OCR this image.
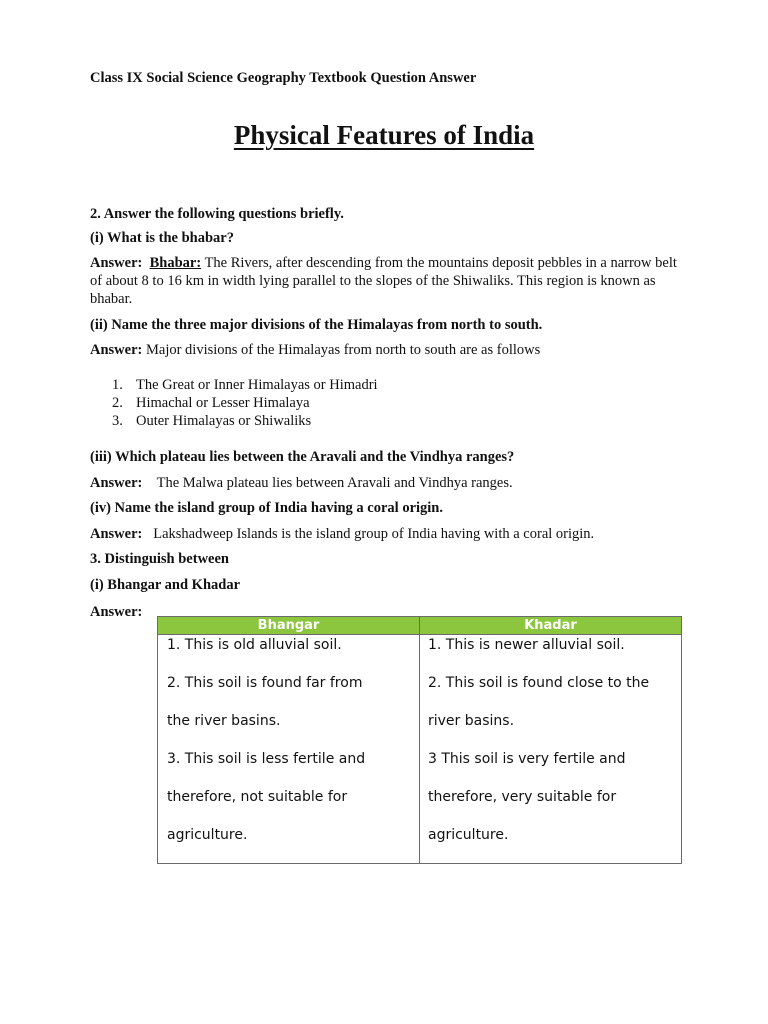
Class IX Social Science Geography Textbook Question Answer
Physical Features of India
2. Answer the following questions briefly.
(i) What is the bhabar?
Answer: Bhabar: The Rivers, after descending from the mountains deposit pebbles in a narrow belt of about 8 to 16 km in width lying parallel to the slopes of the Shiwaliks. This region is known as bhabar.
(ii) Name the three major divisions of the Himalayas from north to south.
Answer: Major divisions of the Himalayas from north to south are as follows
1. The Great or Inner Himalayas or Himadri
2. Himachal or Lesser Himalaya
3. Outer Himalayas or Shiwaliks
(iii) Which plateau lies between the Aravali and the Vindhya ranges?
Answer: The Malwa plateau lies between Aravali and Vindhya ranges.
(iv) Name the island group of India having a coral origin.
Answer: Lakshadweep Islands is the island group of India having with a coral origin.
3. Distinguish between
(i) Bhangar and Khadar
Answer:
Bhangar	Khadar
1. This is old alluvial soil.
2. This soil is found far from
the river basins.
3. This soil is less fertile and
therefore, not suitable for
agriculture.
1. This is newer alluvial soil.
2. This soil is found close to the
river basins.
3 This soil is very fertile and
therefore, very suitable for
agriculture.
